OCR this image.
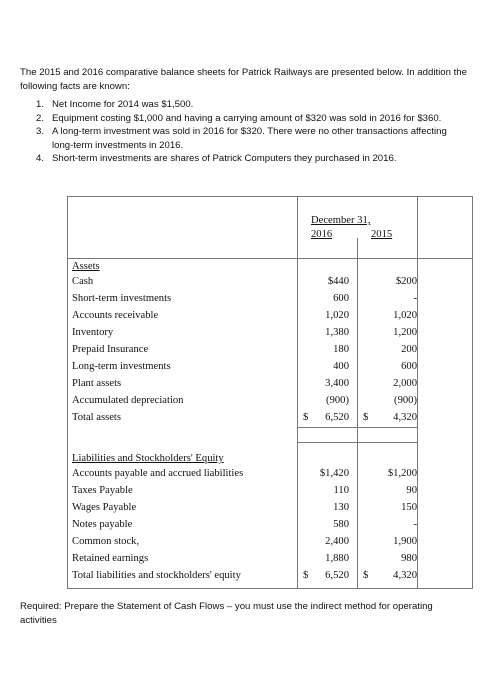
The 2015 and 2016 comparative balance sheets for Patrick Railways are presented below. In addition the following facts are known:

1. Net Income for 2014 was $1,500.
2. Equipment costing $1,000 and having a carrying amount of $320 was sold in 2016 for $360.
3. A long-term investment was sold in 2016 for $320. There were no other transactions affecting long-term investments in 2016.
4. Short-term investments are shares of Patrick Computers they purchased in 2016.
December 31,
2016	2015
Assets
Cash	$440	$200
Short-term investments	600	-
Accounts receivable	1,020	1,020
Inventory	1,380	1,200
Prepaid Insurance	180	200
Long-term investments	400	600
Plant assets	3,400	2,000
Accumulated depreciation	(900)	(900)
Total assets	$	6,520 $	4,320
Liabilities and Stockholders' Equity
Accounts payable and accrued liabilities	$1,420	$1,200
Taxes Payable	110	90
Wages Payable	130	150
Notes payable	580	-
Common stock,	2,400	1,900
Retained earnings	1,880	980
Total liabilities and stockholders' equity	$	6,520 $	4,320

Required: Prepare the Statement of Cash Flows – you must use the indirect method for operating activities
